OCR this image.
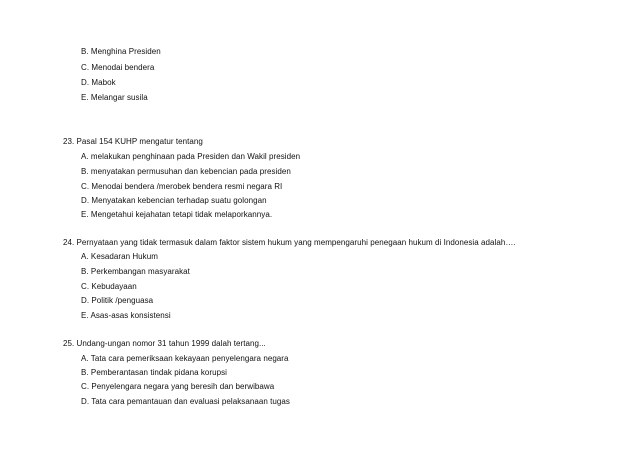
B. Menghina Presiden
C. Menodai bendera
D. Mabok
E. Melangar susila
23. Pasal 154 KUHP mengatur tentang
A. melakukan penghinaan pada Presiden dan Wakil presiden
B. menyatakan permusuhan dan kebencian pada presiden
C. Menodai bendera /merobek bendera resmi negara RI
D. Menyatakan kebencian terhadap suatu golongan
E. Mengetahui kejahatan tetapi tidak melaporkannya.
24. Pernyataan yang tidak termasuk dalam faktor sistem hukum yang mempengaruhi penegaan hukum di Indonesia adalah….
A. Kesadaran Hukum
B. Perkembangan masyarakat
C. Kebudayaan
D. Politik /penguasa
E. Asas-asas konsistensi
25. Undang-ungan nomor 31 tahun 1999 dalah tertang...
A. Tata cara pemeriksaan kekayaan penyelengara negara
B. Pemberantasan tindak pidana korupsi
C. Penyelengara negara yang beresih dan berwibawa
D. Tata cara pemantauan dan evaluasi pelaksanaan tugas
